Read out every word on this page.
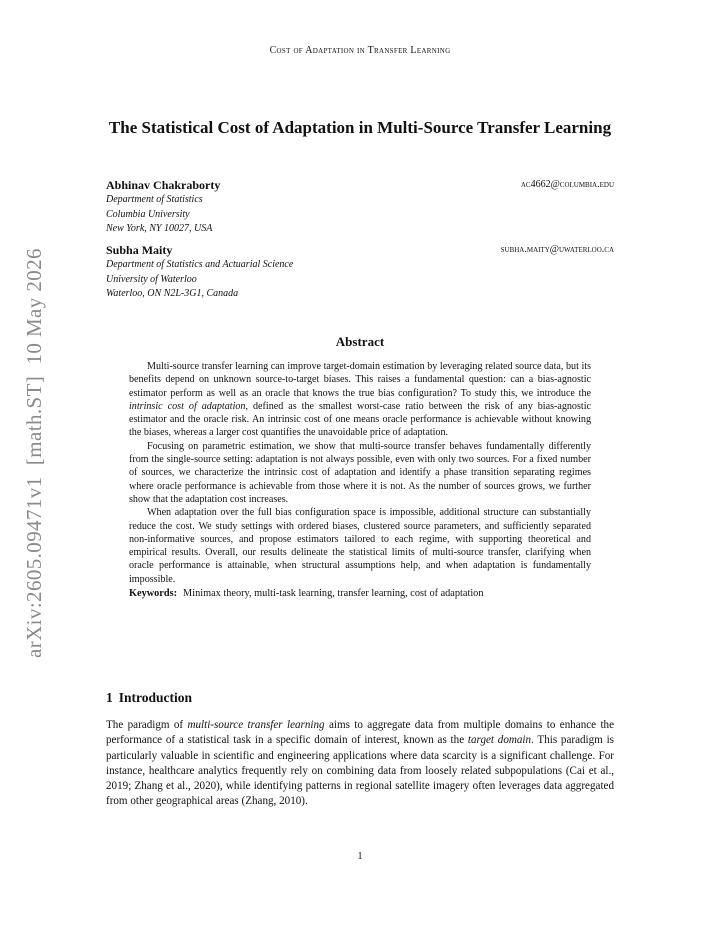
Cost of Adaptation in Transfer Learning
arXiv:2605.09471v1  [math.ST]  10 May 2026
The Statistical Cost of Adaptation in Multi-Source Transfer Learning
Abhinav Chakraborty	ac4662@columbia.edu
Department of Statistics
Columbia University
New York, NY 10027, USA
Subha Maity	subha.maity@uwaterloo.ca
Department of Statistics and Actuarial Science
University of Waterloo
Waterloo, ON N2L-3G1, Canada
Abstract

Multi-source transfer learning can improve target-domain estimation by leveraging related source data, but its benefits depend on unknown source-to-target biases. This raises a fundamental question: can a bias-agnostic estimator perform as well as an oracle that knows the true bias configuration? To study this, we introduce the intrinsic cost of adaptation, defined as the smallest worst-case ratio between the risk of any bias-agnostic estimator and the oracle risk. An intrinsic cost of one means oracle performance is achievable without knowing the biases, whereas a larger cost quantifies the unavoidable price of adaptation.

Focusing on parametric estimation, we show that multi-source transfer behaves fundamentally differently from the single-source setting: adaptation is not always possible, even with only two sources. For a fixed number of sources, we characterize the intrinsic cost of adaptation and identify a phase transition separating regimes where oracle performance is achievable from those where it is not. As the number of sources grows, we further show that the adaptation cost increases.

When adaptation over the full bias configuration space is impossible, additional structure can substantially reduce the cost. We study settings with ordered biases, clustered source parameters, and sufficiently separated non-informative sources, and propose estimators tailored to each regime, with supporting theoretical and empirical results. Overall, our results delineate the statistical limits of multi-source transfer, clarifying when oracle performance is attainable, when structural assumptions help, and when adaptation is fundamentally impossible.

Keywords: Minimax theory, multi-task learning, transfer learning, cost of adaptation
1 Introduction

The paradigm of multi-source transfer learning aims to aggregate data from multiple domains to enhance the performance of a statistical task in a specific domain of interest, known as the target domain. This paradigm is particularly valuable in scientific and engineering applications where data scarcity is a significant challenge. For instance, healthcare analytics frequently rely on combining data from loosely related subpopulations (Cai et al., 2019; Zhang et al., 2020), while identifying patterns in regional satellite imagery often leverages data aggregated from other geographical areas (Zhang, 2010).

1
